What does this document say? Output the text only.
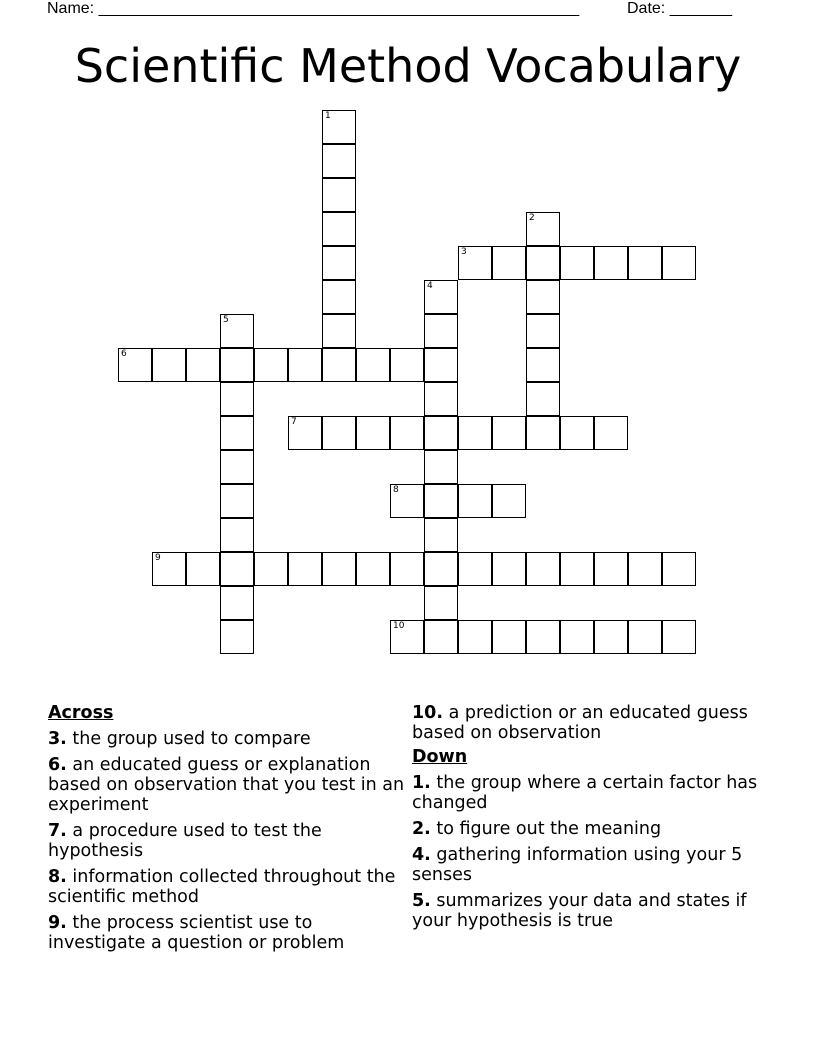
Name: ______________________________________________________	Date: _______
Scientific Method Vocabulary
1
2
3
4
5
6
7
8
9
10
Across
3. the group used to compare
6. an educated guess or explanation based on observation that you test in an experiment
7. a procedure used to test the hypothesis
8. information collected throughout the scientific method
9. the process scientist use to investigate a question or problem
10. a prediction or an educated guess based on observation
Down
1. the group where a certain factor has changed
2. to figure out the meaning
4. gathering information using your 5 senses
5. summarizes your data and states if your hypothesis is true
